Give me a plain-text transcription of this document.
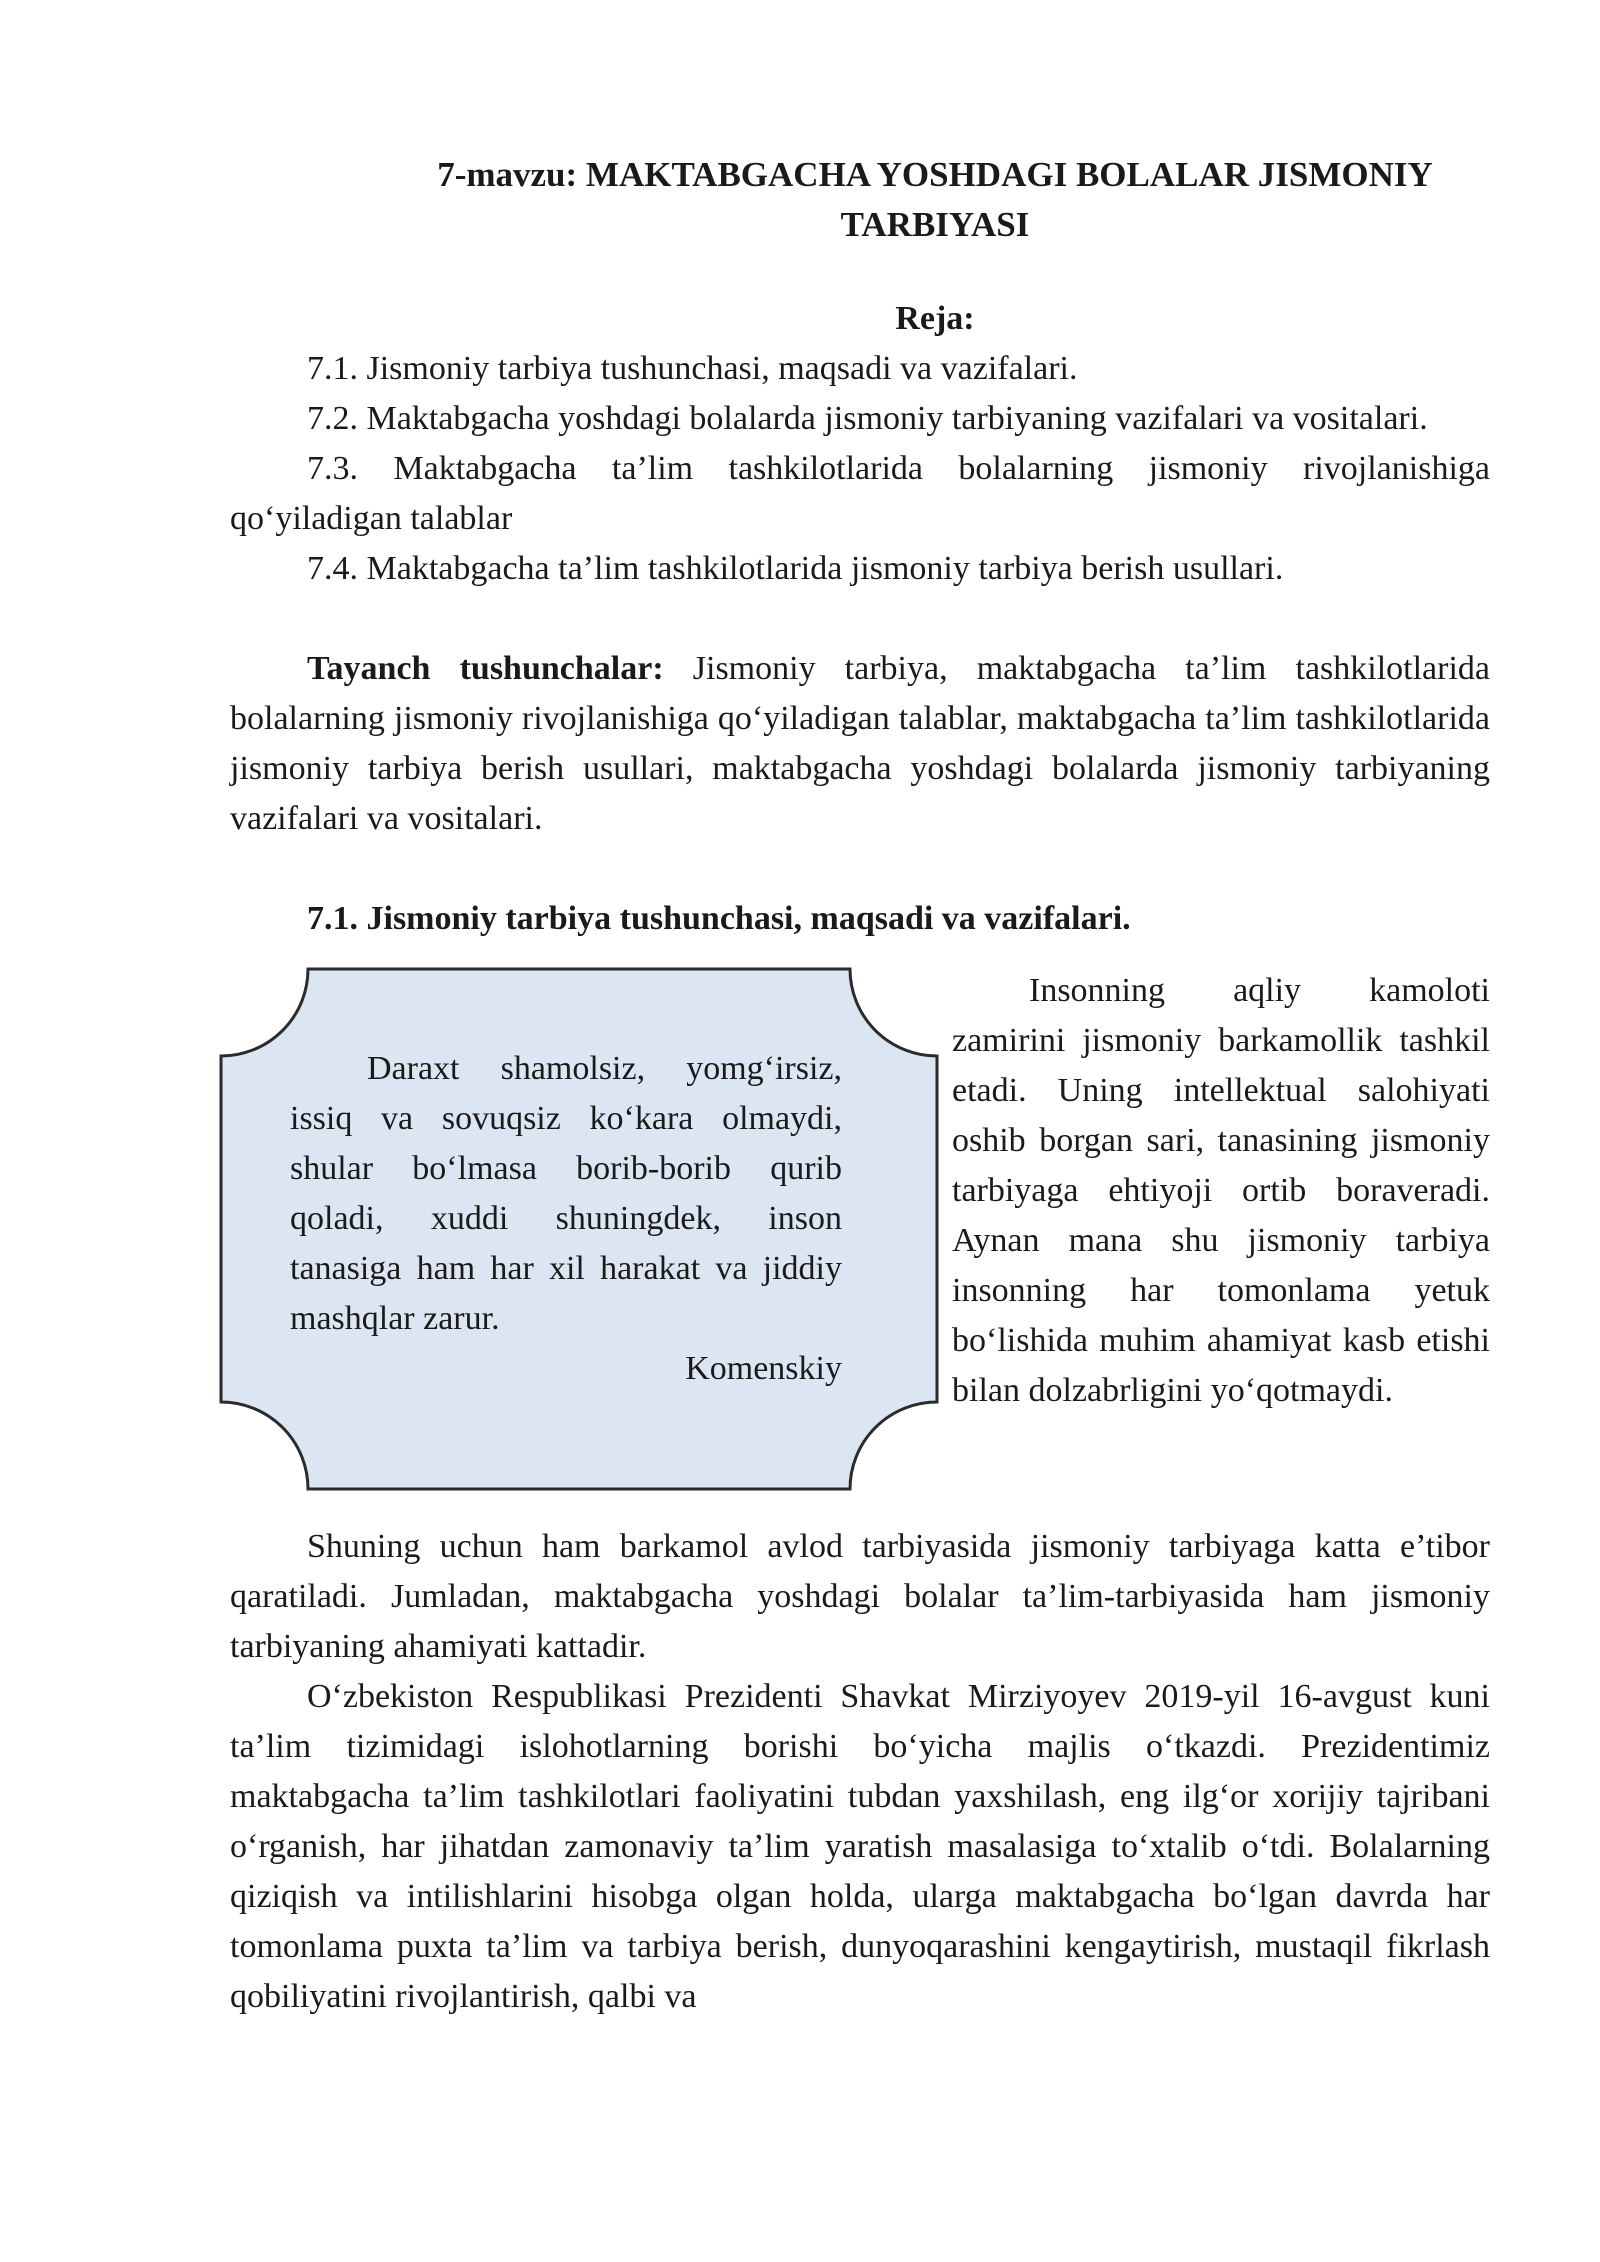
7-mavzu: MAKTABGACHA YOSHDAGI BOLALAR JISMONIY
TARBIYASI
Reja:
7.1. Jismoniy tarbiya tushunchasi, maqsadi va vazifalari.
7.2. Maktabgacha yoshdagi bolalarda jismoniy tarbiyaning vazifalari va vositalari.
7.3. Maktabgacha ta’lim tashkilotlarida bolalarning jismoniy rivojlanishiga qo‘yiladigan talablar
7.4. Maktabgacha ta’lim tashkilotlarida jismoniy tarbiya berish usullari.

Tayanch tushunchalar: Jismoniy tarbiya, maktabgacha ta’lim tashkilotlarida bolalarning jismoniy rivojlanishiga qo‘yiladigan talablar, maktabgacha ta’lim tashkilotlarida jismoniy tarbiya berish usullari, maktabgacha yoshdagi bolalarda jismoniy tarbiyaning vazifalari va vositalari.

7.1. Jismoniy tarbiya tushunchasi, maqsadi va vazifalari.

Daraxt shamolsiz, yomg‘irsiz, issiq va sovuqsiz ko‘kara olmaydi, shular bo‘lmasa borib-borib qurib qoladi, xuddi shuningdek, inson tanasiga ham har xil harakat va jiddiy mashqlar zarur.

Komenskiy

Insonning aqliy kamoloti zamirini jismoniy barkamollik tashkil etadi. Uning intellektual salohiyati oshib borgan sari, tanasining jismoniy tarbiyaga ehtiyoji ortib boraveradi. Aynan mana shu jismoniy tarbiya insonning har tomonlama yetuk bo‘lishida muhim ahamiyat kasb etishi bilan dolzabrligini yo‘qotmaydi.

Shuning uchun ham barkamol avlod tarbiyasida jismoniy tarbiyaga katta e’tibor qaratiladi. Jumladan, maktabgacha yoshdagi bolalar ta’lim-tarbiyasida ham jismoniy tarbiyaning ahamiyati kattadir.

O‘zbekiston Respublikasi Prezidenti Shavkat Mirziyoyev 2019-yil 16-avgust kuni ta’lim tizimidagi islohotlarning borishi bo‘yicha majlis o‘tkazdi. Prezidentimiz maktabgacha ta’lim tashkilotlari faoliyatini tubdan yaxshilash, eng ilg‘or xorijiy tajribani o‘rganish, har jihatdan zamonaviy ta’lim yaratish masalasiga to‘xtalib o‘tdi. Bolalarning qiziqish va intilishlarini hisobga olgan holda, ularga maktabgacha bo‘lgan davrda har tomonlama puxta ta’lim va tarbiya berish, dunyoqarashini kengaytirish, mustaqil fikrlash qobiliyatini rivojlantirish, qalbi va
